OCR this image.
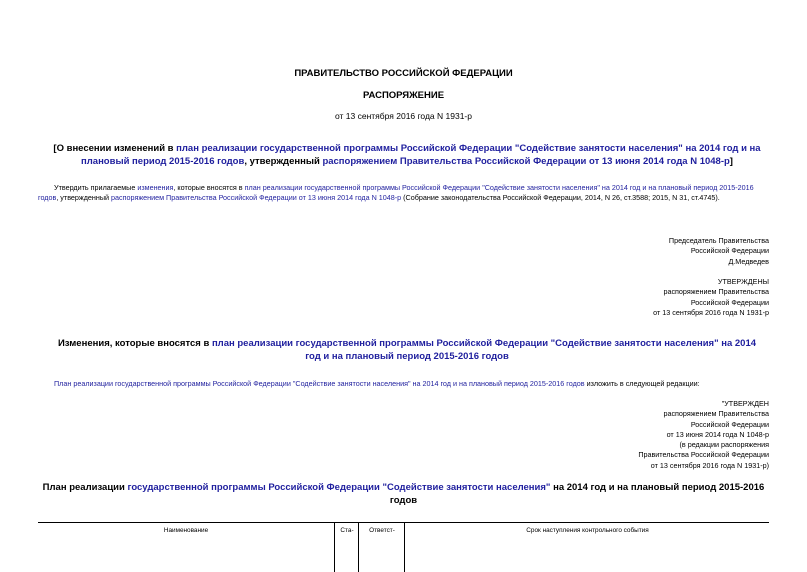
ПРАВИТЕЛЬСТВО РОССИЙСКОЙ ФЕДЕРАЦИИ
РАСПОРЯЖЕНИЕ
от 13 сентября 2016 года N 1931-р
[О внесении изменений в план реализации государственной программы Российской Федерации "Содействие занятости населения" на 2014 год и на плановый период 2015-2016 годов, утвержденный распоряжением Правительства Российской Федерации от 13 июня 2014 года N 1048-р]
Утвердить прилагаемые изменения, которые вносятся в план реализации государственной программы Российской Федерации "Содействие занятости населения" на 2014 год и на плановый период 2015-2016 годов, утвержденный распоряжением Правительства Российской Федерации от 13 июня 2014 года N 1048-р (Собрание законодательства Российской Федерации, 2014, N 26, ст.3588; 2015, N 31, ст.4745).
Председатель Правительства
Российской Федерации
Д.Медведев
УТВЕРЖДЕНЫ
распоряжением Правительства
Российской Федерации
от 13 сентября 2016 года N 1931-р
Изменения, которые вносятся в план реализации государственной программы Российской Федерации "Содействие занятости населения" на 2014 год и на плановый период 2015-2016 годов
План реализации государственной программы Российской Федерации "Содействие занятости населения" на 2014 год и на плановый период 2015-2016 годов изложить в следующей редакции:
"УТВЕРЖДЕН
распоряжением Правительства
Российской Федерации
от 13 июня 2014 года N 1048-р
(в редакции распоряжения
Правительства Российской Федерации
от 13 сентября 2016 года N 1931-р)
План реализации государственной программы Российской Федерации "Содействие занятости населения" на 2014 год и на плановый период 2015-2016 годов
Наименование	Ста-	Ответст-	Срок наступления контрольного события
